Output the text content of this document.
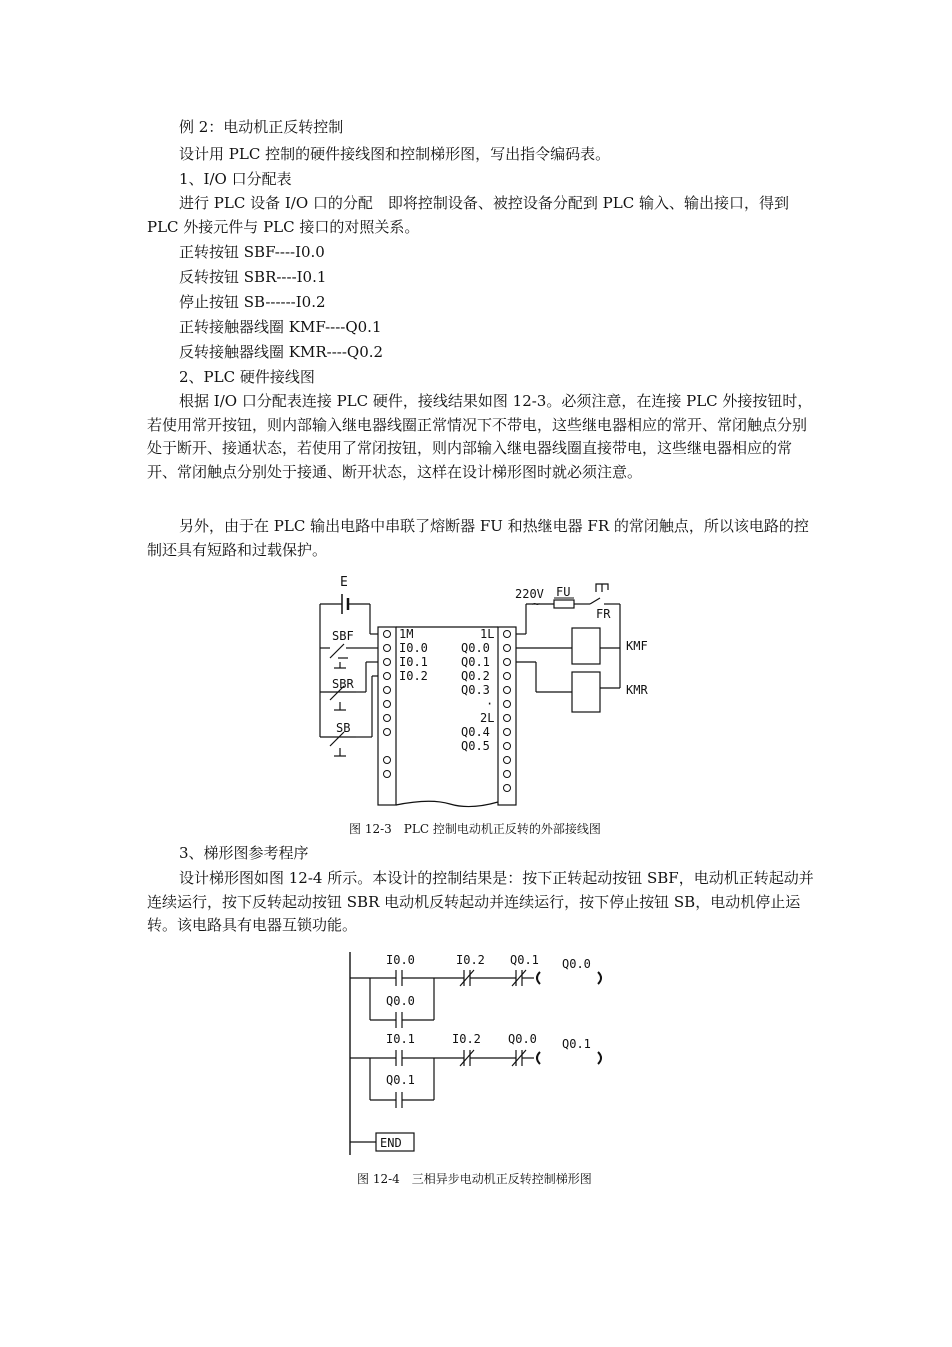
例 2：电动机正反转控制
设计用 PLC 控制的硬件接线图和控制梯形图，写出指令编码表。
1、I/O 口分配表

进行 PLC 设备 I/O 口的分配　即将控制设备、被控设备分配到 PLC 输入、输出接口，得到 PLC 外接元件与 PLC 接口的对照关系。

正转按钮 SBF----I0.0
反转按钮 SBR----I0.1
停止按钮 SB------I0.2
正转接触器线圈 KMF----Q0.1
反转接触器线圈 KMR----Q0.2
2、PLC 硬件接线图

根据 I/O 口分配表连接 PLC 硬件，接线结果如图 12-3。必须注意，在连接 PLC 外接按钮时，若使用常开按钮，则内部输入继电器线圈正常情况下不带电，这些继电器相应的常开、常闭触点分别处于断开、接通状态，若使用了常闭按钮，则内部输入继电器线圈直接带电，这些继电器相应的常开、常闭触点分别处于接通、断开状态，这样在设计梯形图时就必须注意。

另外，由于在 PLC 输出电路中串联了熔断器 FU 和热继电器 FR 的常闭触点，所以该电路的控制还具有短路和过载保护。

E
SBF
SBR
SB
1M
I0.0
I0.1
I0.2
1L
Q0.0
Q0.1
Q0.2
Q0.3
·
2L
Q0.4
Q0.5
220V
~
FU
FR
KMF
KMR
图 12-3　PLC 控制电动机正反转的外部接线图
3、梯形图参考程序

设计梯形图如图 12-4 所示。本设计的控制结果是：按下正转起动按钮 SBF，电动机正转起动并连续运行，按下反转起动按钮 SBR 电动机反转起动并连续运行，按下停止按钮 SB，电动机停止运转。该电路具有电器互锁功能。

I0.0	I0.2 Q0.1 Q0.0
Q0.0
I0.1	I0.2 Q0.0 Q0.1
Q0.1
END
图 12-4　三相异步电动机正反转控制梯形图
